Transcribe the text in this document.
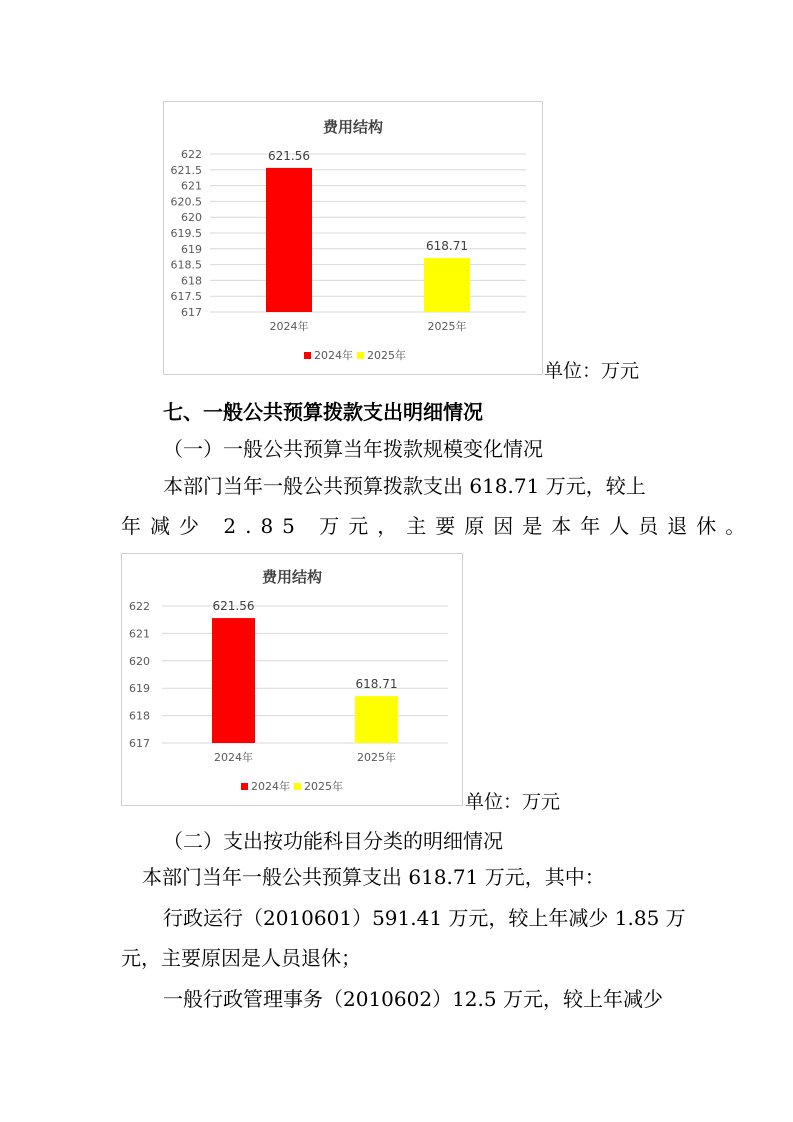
费用结构
622
621.5
621
620.5
620
619.5
619
618.5
618
617.5
617
621.56
2024年
618.71
2025年
2024年 2025年
单位：万元
七、一般公共预算拨款支出明细情况
（一）一般公共预算当年拨款规模变化情况
本部门当年一般公共预算拨款支出 618.71 万元，较上
年减少 2.85 万元，主要原因是本年人员退休。
费用结构
622
621
620
619
618
617
621.56
2024年
618.71
2025年
2024年 2025年
单位：万元
（二）支出按功能科目分类的明细情况
本部门当年一般公共预算支出 618.71 万元，其中：
行政运行（2010601）591.41 万元，较上年减少 1.85 万
元，主要原因是人员退休；
一般行政管理事务（2010602）12.5 万元，较上年减少
